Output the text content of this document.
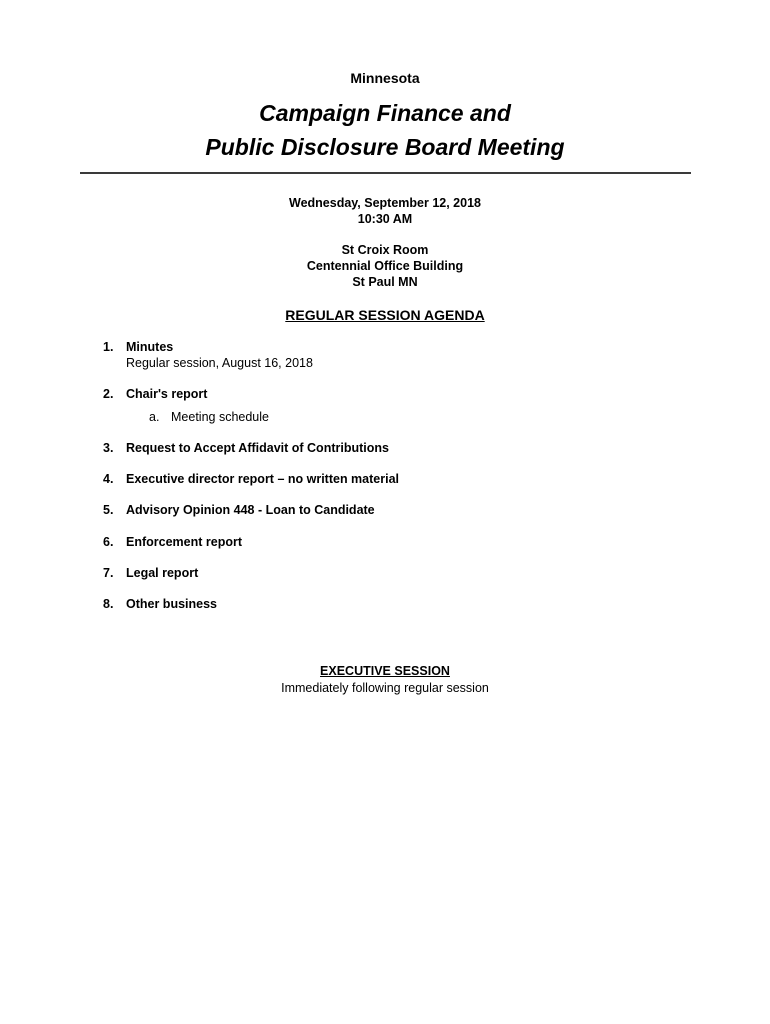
Minnesota
Campaign Finance and
Public Disclosure Board Meeting
Wednesday, September 12, 2018
10:30 AM
St Croix Room
Centennial Office Building
St Paul MN
REGULAR SESSION AGENDA
1. Minutes
Regular session, August 16, 2018
2. Chair's report
a. Meeting schedule
3. Request to Accept Affidavit of Contributions
4. Executive director report – no written material
5. Advisory Opinion 448 - Loan to Candidate
6. Enforcement report
7. Legal report
8. Other business
EXECUTIVE SESSION
Immediately following regular session
